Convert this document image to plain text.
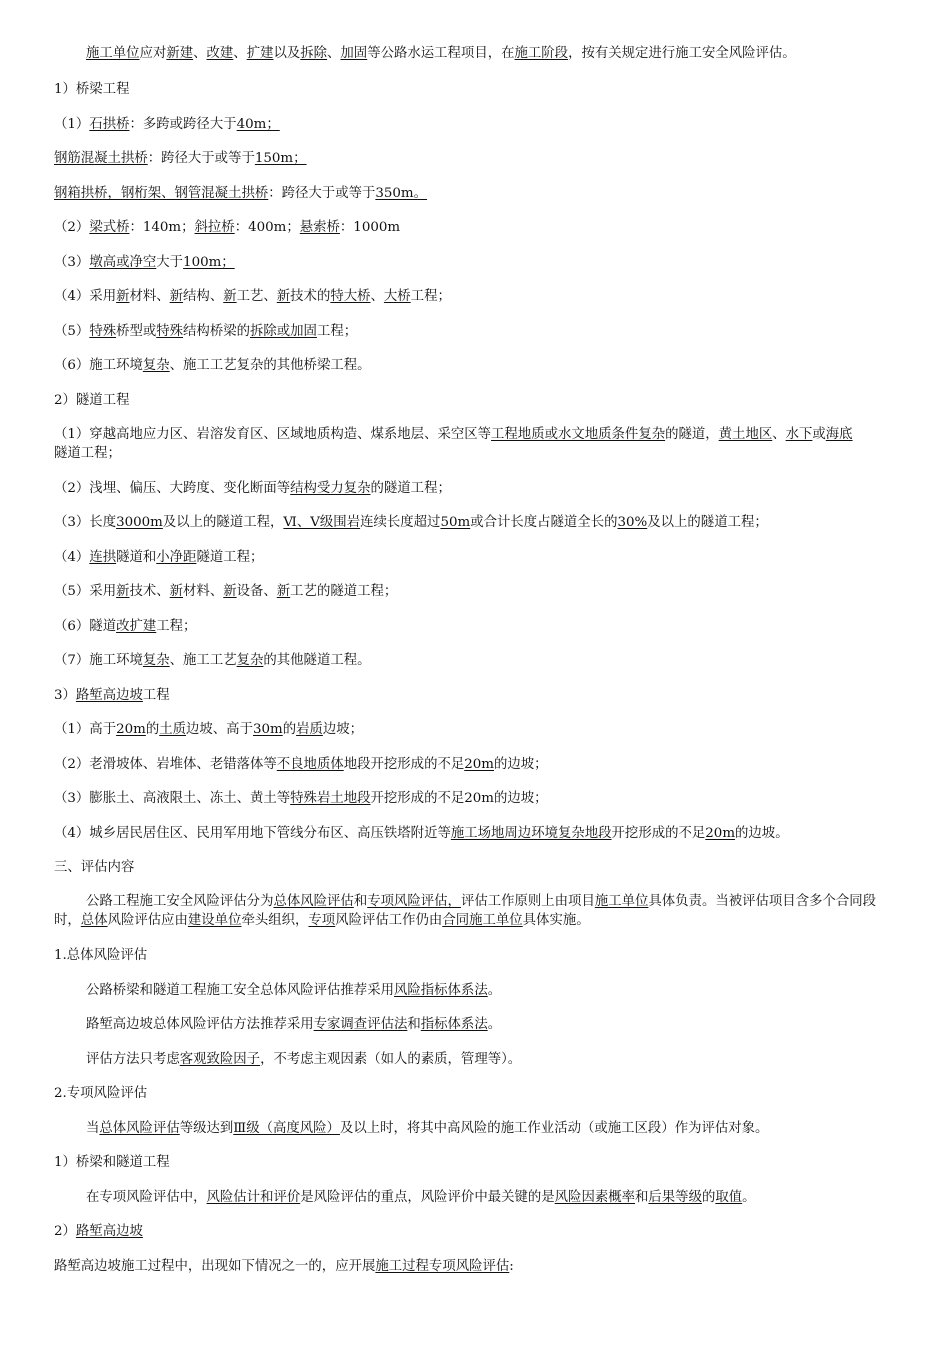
施工单位应对新建、改建、扩建以及拆除、加固等公路水运工程项目，在施工阶段，按有关规定进行施工安全风险评估。
1）桥梁工程
（1）石拱桥：多跨或跨径大于40m；
钢筋混凝土拱桥：跨径大于或等于150m；
钢箱拱桥，钢桁架、钢管混凝土拱桥：跨径大于或等于350m。
（2）梁式桥：140m；斜拉桥：400m；悬索桥：1000m
（3）墩高或净空大于100m；
（4）采用新材料、新结构、新工艺、新技术的特大桥、大桥工程；
（5）特殊桥型或特殊结构桥梁的拆除或加固工程；
（6）施工环境复杂、施工工艺复杂的其他桥梁工程。
2）隧道工程
（1）穿越高地应力区、岩溶发育区、区域地质构造、煤系地层、采空区等工程地质或水文地质条件复杂的隧道，黄土地区、水下或海底隧道工程；
（2）浅埋、偏压、大跨度、变化断面等结构受力复杂的隧道工程；
（3）长度3000m及以上的隧道工程，Ⅵ、Ⅴ级围岩连续长度超过50m或合计长度占隧道全长的30%及以上的隧道工程；
（4）连拱隧道和小净距隧道工程；
（5）采用新技术、新材料、新设备、新工艺的隧道工程；
（6）隧道改扩建工程；
（7）施工环境复杂、施工工艺复杂的其他隧道工程。
3）路堑高边坡工程
（1）高于20m的土质边坡、高于30m的岩质边坡；
（2）老滑坡体、岩堆体、老错落体等不良地质体地段开挖形成的不足20m的边坡；
（3）膨胀土、高液限土、冻土、黄土等特殊岩土地段开挖形成的不足20m的边坡；
（4）城乡居民居住区、民用军用地下管线分布区、高压铁塔附近等施工场地周边环境复杂地段开挖形成的不足20m的边坡。
三、评估内容
公路工程施工安全风险评估分为总体风险评估和专项风险评估，评估工作原则上由项目施工单位具体负责。当被评估项目含多个合同段时，总体风险评估应由建设单位牵头组织，专项风险评估工作仍由合同施工单位具体实施。
1.总体风险评估
公路桥梁和隧道工程施工安全总体风险评估推荐采用风险指标体系法。
路堑高边坡总体风险评估方法推荐采用专家调查评估法和指标体系法。
评估方法只考虑客观致险因子，不考虑主观因素（如人的素质，管理等）。
2.专项风险评估
当总体风险评估等级达到Ⅲ级（高度风险）及以上时，将其中高风险的施工作业活动（或施工区段）作为评估对象。
1）桥梁和隧道工程
在专项风险评估中，风险估计和评价是风险评估的重点，风险评价中最关键的是风险因素概率和后果等级的取值。
2）路堑高边坡
路堑高边坡施工过程中，出现如下情况之一的，应开展施工过程专项风险评估:
